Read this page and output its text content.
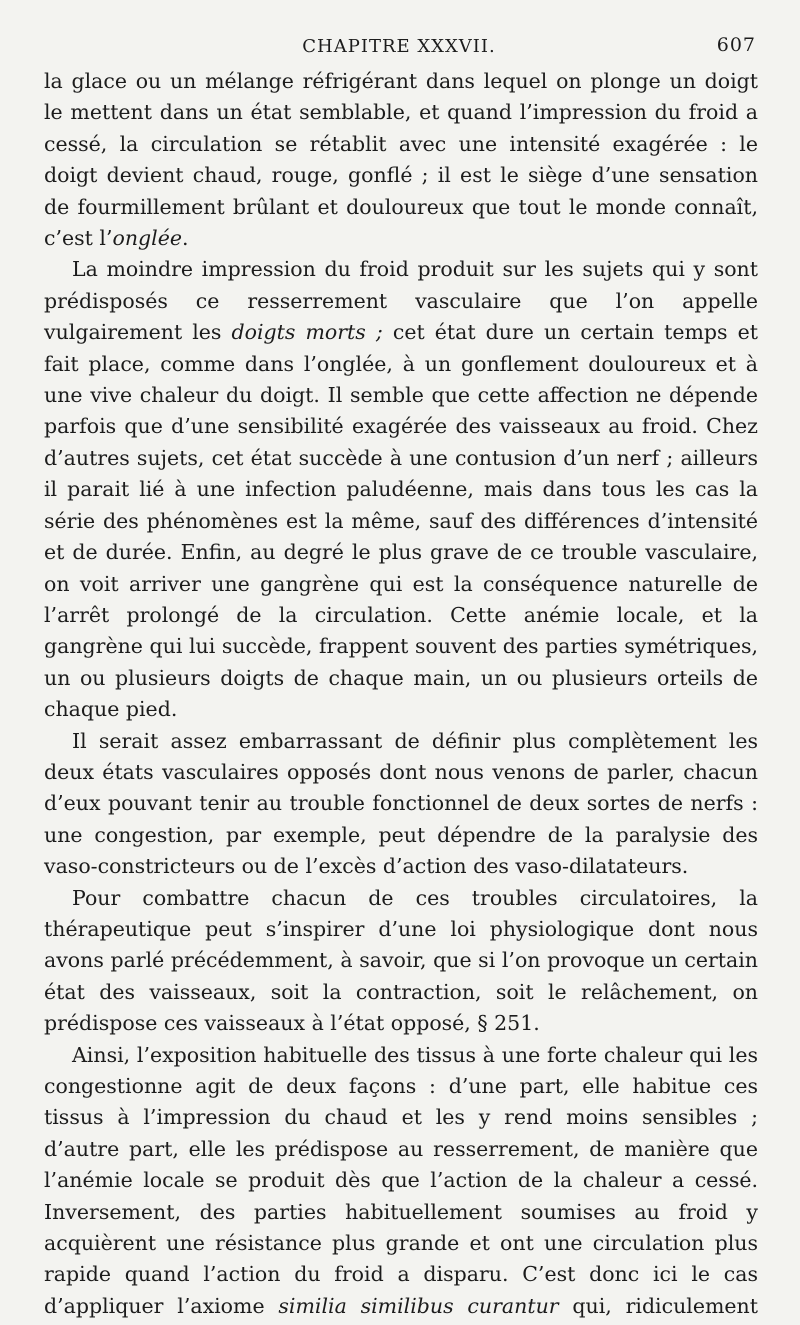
CHAPITRE XXXVII.	607

la glace ou un mélange réfrigérant dans lequel on plonge un doigt le mettent dans un état semblable, et quand l’impression du froid a cessé, la circulation se rétablit avec une intensité exagérée : le doigt devient chaud, rouge, gonflé ; il est le siège d’une sensation de fourmillement brûlant et douloureux que tout le monde connaît, c’est l’onglée.

La moindre impression du froid produit sur les sujets qui y sont prédisposés ce resserrement vasculaire que l’on appelle vulgairement les doigts morts ; cet état dure un certain temps et fait place, comme dans l’onglée, à un gonflement douloureux et à une vive chaleur du doigt. Il semble que cette affection ne dépende parfois que d’une sensibilité exagérée des vaisseaux au froid. Chez d’autres sujets, cet état succède à une contusion d’un nerf ; ailleurs il parait lié à une infection paludéenne, mais dans tous les cas la série des phénomènes est la même, sauf des différences d’intensité et de durée. Enfin, au degré le plus grave de ce trouble vasculaire, on voit arriver une gangrène qui est la conséquence naturelle de l’arrêt prolongé de la circulation. Cette anémie locale, et la gangrène qui lui succède, frappent souvent des parties symétriques, un ou plusieurs doigts de chaque main, un ou plusieurs orteils de chaque pied.

Il serait assez embarrassant de définir plus complètement les deux états vasculaires opposés dont nous venons de parler, chacun d’eux pouvant tenir au trouble fonctionnel de deux sortes de nerfs : une congestion, par exemple, peut dépendre de la paralysie des vaso-constricteurs ou de l’excès d’action des vaso-dilatateurs.

Pour combattre chacun de ces troubles circulatoires, la thérapeutique peut s’inspirer d’une loi physiologique dont nous avons parlé précédemment, à savoir, que si l’on provoque un certain état des vaisseaux, soit la contraction, soit le relâchement, on prédispose ces vaisseaux à l’état opposé, § 251.

Ainsi, l’exposition habituelle des tissus à une forte chaleur qui les congestionne agit de deux façons : d’une part, elle habitue ces tissus à l’impression du chaud et les y rend moins sensibles ; d’autre part, elle les prédispose au resserrement, de manière que l’anémie locale se produit dès que l’action de la chaleur a cessé. Inversement, des parties habituellement soumises au froid y acquièrent une résistance plus grande et ont une circulation plus rapide quand l’action du froid a disparu. C’est donc ici le cas d’appliquer l’axiome similia similibus curantur qui, ridiculement
